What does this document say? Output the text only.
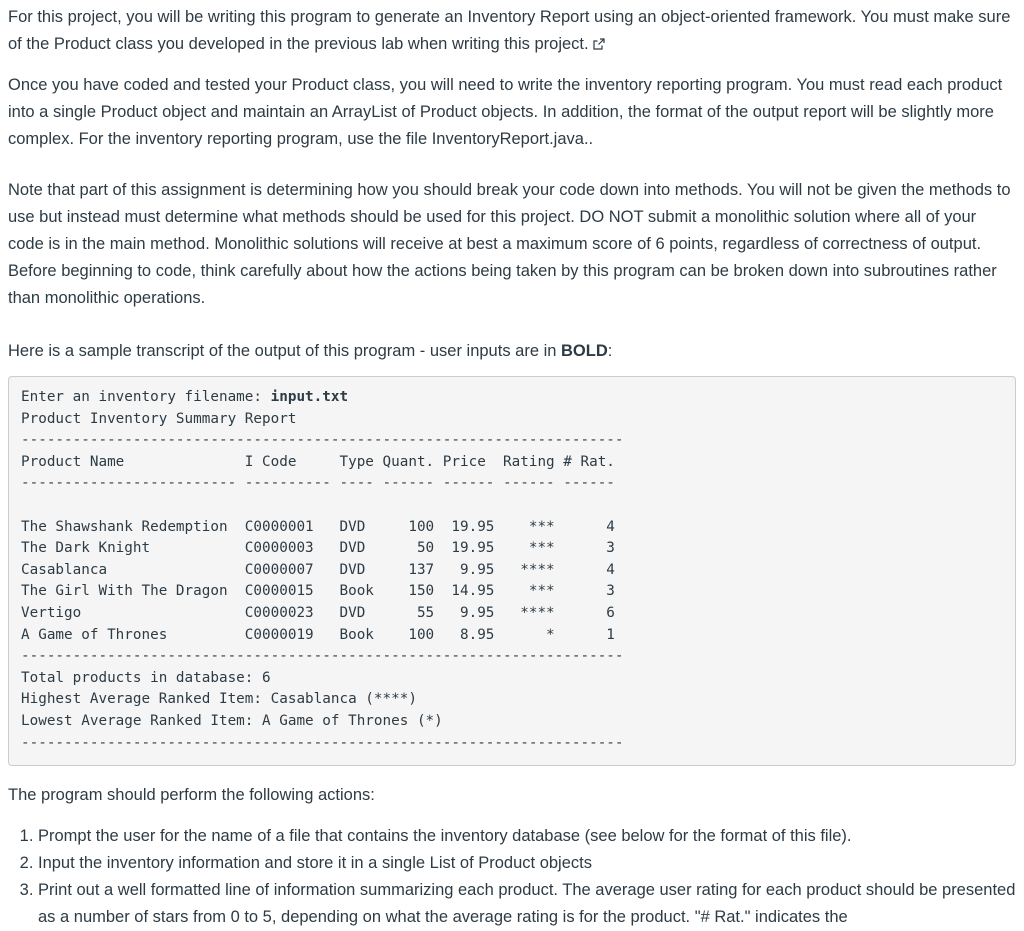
For this project, you will be writing this program to generate an Inventory Report using an object-oriented framework. You must make sure of the Product class you developed in the previous lab when writing this project.

Once you have coded and tested your Product class, you will need to write the inventory reporting program. You must read each product into a single Product object and maintain an ArrayList of Product objects. In addition, the format of the output report will be slightly more complex. For the inventory reporting program, use the file InventoryReport.java..

Note that part of this assignment is determining how you should break your code down into methods. You will not be given the methods to use but instead must determine what methods should be used for this project. DO NOT submit a monolithic solution where all of your code is in the main method. Monolithic solutions will receive at best a maximum score of 6 points, regardless of correctness of output. Before beginning to code, think carefully about how the actions being taken by this program can be broken down into subroutines rather than monolithic operations.

Here is a sample transcript of the output of this program - user inputs are in BOLD:

Enter an inventory filename: input.txt
Product Inventory Summary Report
----------------------------------------------------------------------
Product Name              I Code     Type Quant. Price  Rating # Rat.
------------------------- ---------- ---- ------ ------ ------ ------

The Shawshank Redemption  C0000001   DVD     100  19.95    ***      4
The Dark Knight           C0000003   DVD      50  19.95    ***      3
Casablanca                C0000007   DVD     137   9.95   ****      4
The Girl With The Dragon  C0000015   Book    150  14.95    ***      3
Vertigo                   C0000023   DVD      55   9.95   ****      6
A Game of Thrones         C0000019   Book    100   8.95      *      1
----------------------------------------------------------------------
Total products in database: 6
Highest Average Ranked Item: Casablanca (****)
Lowest Average Ranked Item: A Game of Thrones (*)
----------------------------------------------------------------------

The program should perform the following actions:

1. Prompt the user for the name of a file that contains the inventory database (see below for the format of this file).
2. Input the inventory information and store it in a single List of Product objects
3. Print out a well formatted line of information summarizing each product. The average user rating for each product should be presented as a number of stars from 0 to 5, depending on what the average rating is for the product. "# Rat." indicates the
